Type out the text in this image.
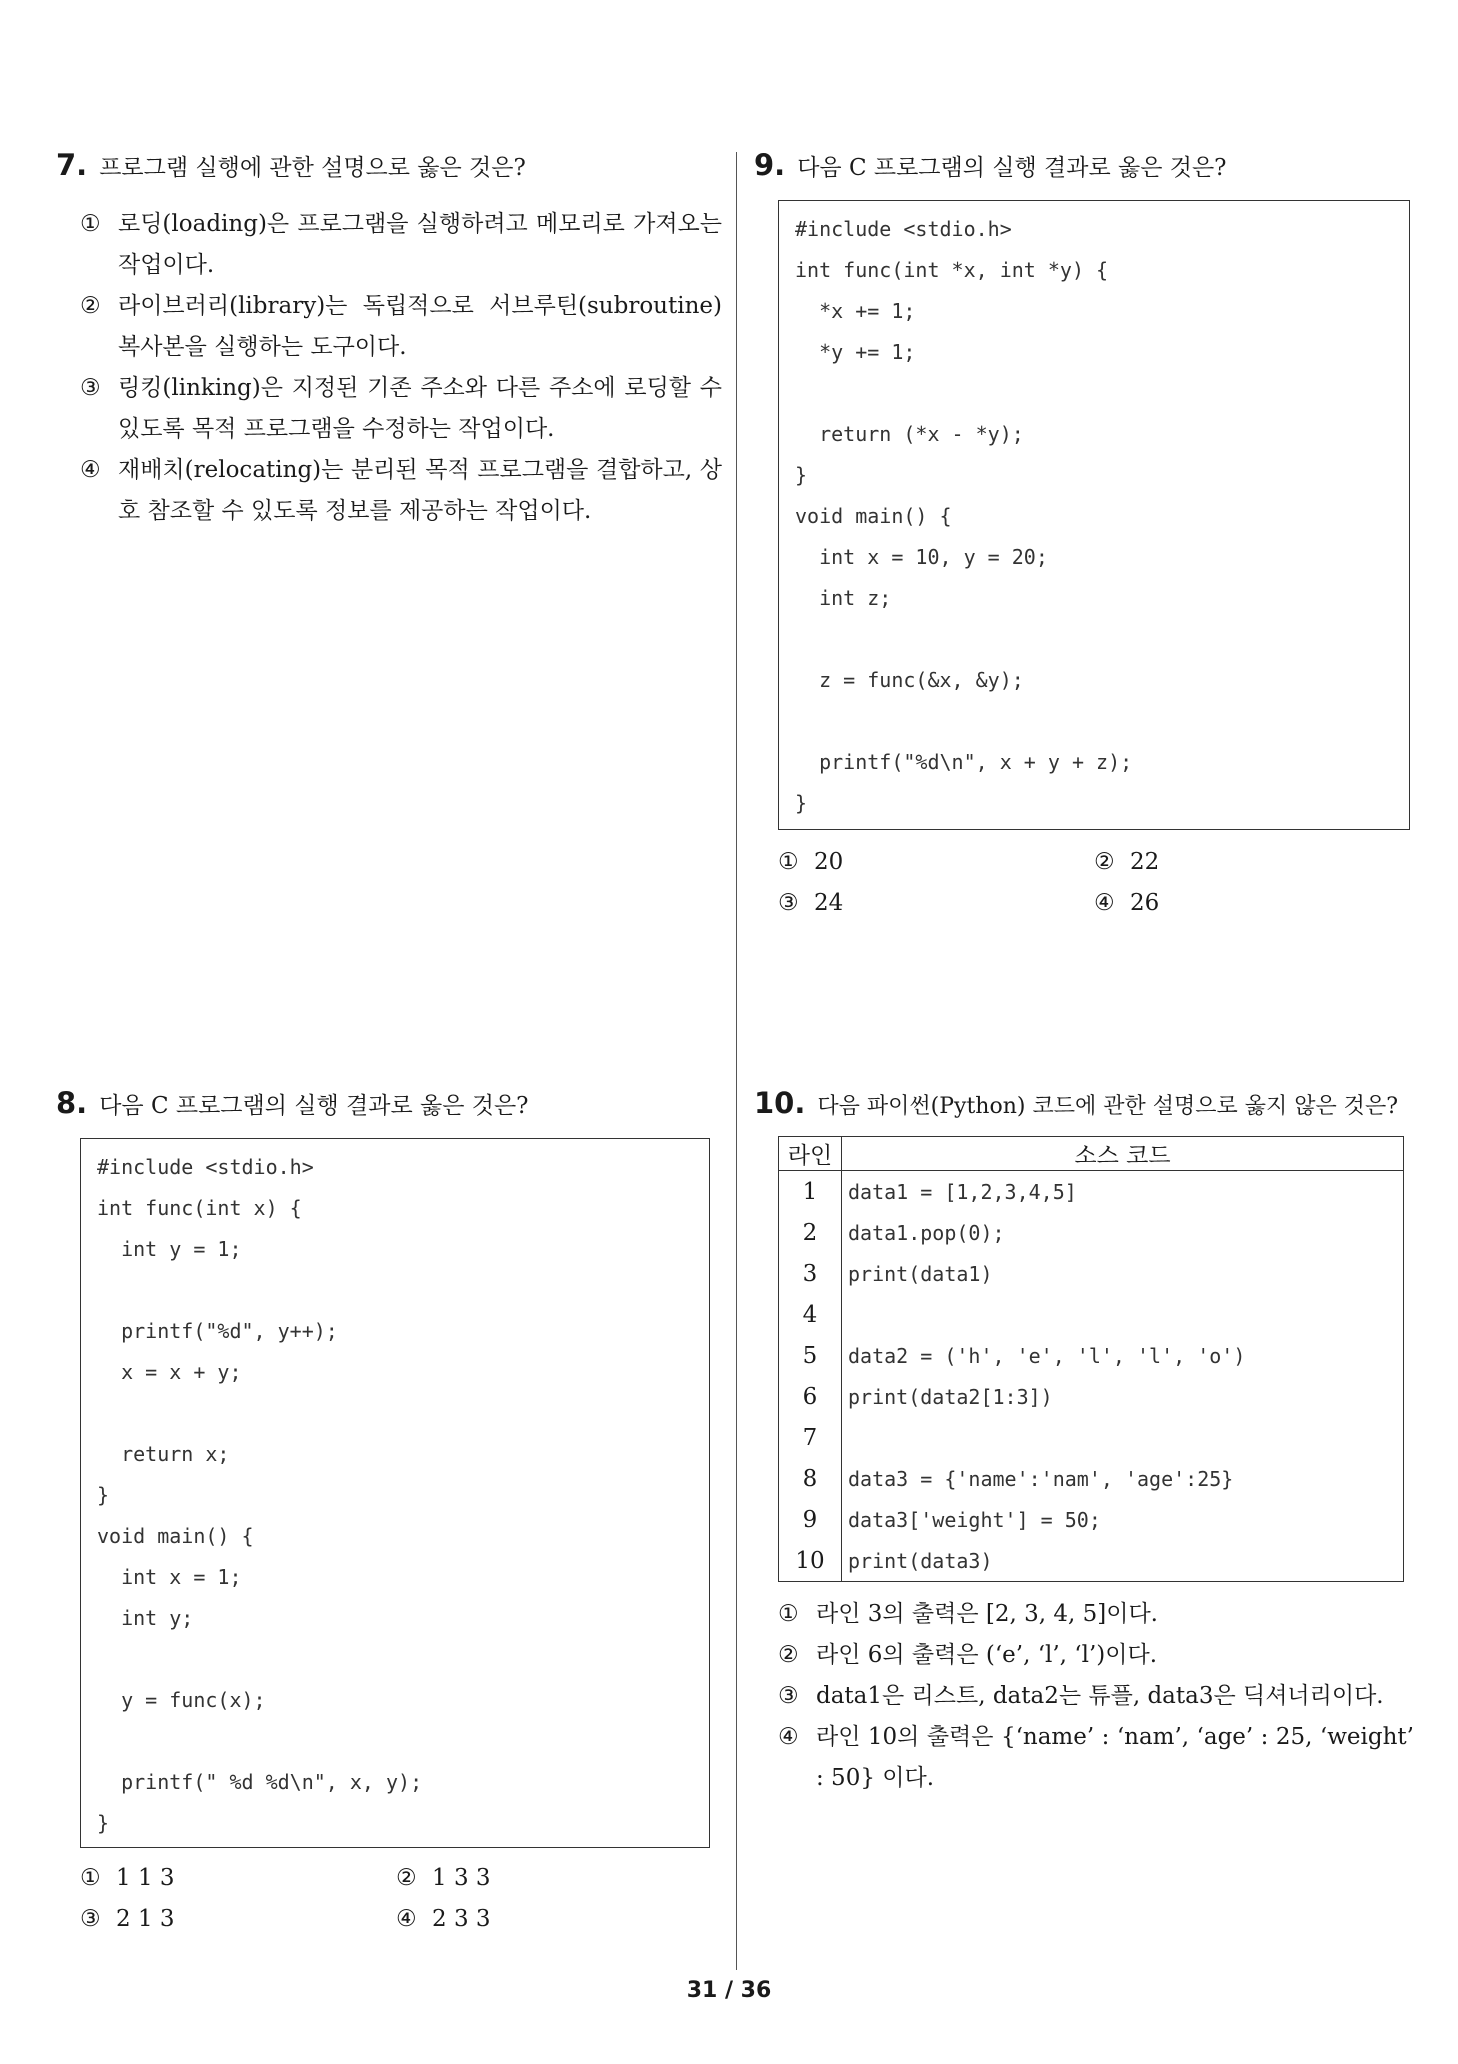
7. 프로그램 실행에 관한 설명으로 옳은 것은?
① 로딩(loading)은 프로그램을 실행하려고 메모리로 가져오는 작업이다.
② 라이브러리(library)는 독립적으로 서브루틴(subroutine) 복사본을 실행하는 도구이다.
③ 링킹(linking)은 지정된 기존 주소와 다른 주소에 로딩할 수 있도록 목적 프로그램을 수정하는 작업이다.
④ 재배치(relocating)는 분리된 목적 프로그램을 결합하고, 상호 참조할 수 있도록 정보를 제공하는 작업이다.
8. 다음 C 프로그램의 실행 결과로 옳은 것은?
#include <stdio.h>
int func(int x) {
int y = 1;
printf("%d", y++);
x = x + y;
return x;
}
void main() {
int x = 1;
int y;
y = func(x);
printf(" %d %d\n", x, y);
}
① 1 1 3	② 1 3 3
③ 2 1 3	④ 2 3 3
9. 다음 C 프로그램의 실행 결과로 옳은 것은?
#include <stdio.h>
int func(int *x, int *y) {
*x += 1;
*y += 1;
return (*x - *y);
}
void main() {
int x = 10, y = 20;
int z;
z = func(&x, &y);
printf("%d\n", x + y + z);
}
① 20	② 22
③ 24	④ 26
10. 다음 파이썬(Python) 코드에 관한 설명으로 옳지 않은 것은?
라인	소스 코드
1	data1 = [1,2,3,4,5]
2	data1.pop(0);
3	print(data1)
4	
5	data2 = ('h', 'e', 'l', 'l', 'o')
6	print(data2[1:3])
7	
8	data3 = {'name':'nam', 'age':25}
9	data3['weight'] = 50;
10	print(data3)
① 라인 3의 출력은 [2, 3, 4, 5]이다.
② 라인 6의 출력은 (‘e’, ‘l’, ‘l’)이다.
③ data1은 리스트, data2는 튜플, data3은 딕셔너리이다.
④ 라인 10의 출력은 {‘name’ : ‘nam’, ‘age’ : 25, ‘weight’ : 50} 이다.
31 / 36
